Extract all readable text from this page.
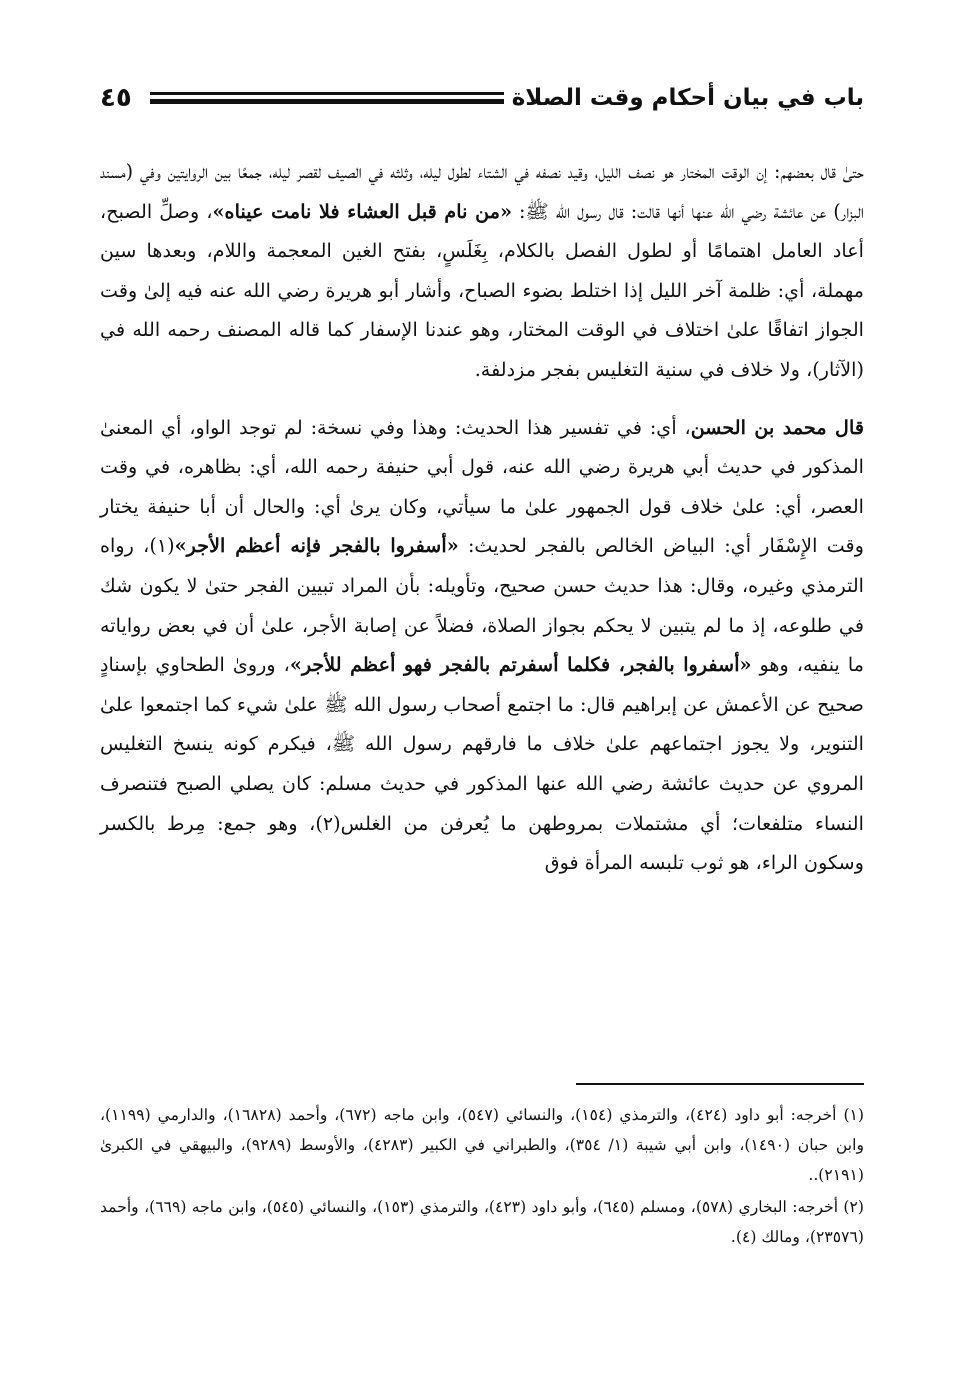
٤٥	باب في بيان أحكام وقت الصلاة

حتىٰ قال بعضهم: إن الوقت المختار هو نصف الليل، وقيد نصفه في الشتاء لطول ليله، وثلثه في الصيف لقصر ليله، جمعًا بين الروايتين وفي (مسند البزار) عن عائشة رضي الله عنها أنها قالت: قال رسول الله ﷺ: «من نام قبل العشاء فلا نامت عيناه»، وصلِّ الصبح، أعاد العامل اهتمامًا أو لطول الفصل بالكلام، بِغَلَسٍ، بفتح الغين المعجمة واللام، وبعدها سين مهملة، أي: ظلمة آخر الليل إذا اختلط بضوء الصباح، وأشار أبو هريرة رضي الله عنه فيه إلىٰ وقت الجواز اتفاقًا علىٰ اختلاف في الوقت المختار، وهو عندنا الإسفار كما قاله المصنف رحمه الله في (الآثار)، ولا خلاف في سنية التغليس بفجر مزدلفة.

قال محمد بن الحسن، أي: في تفسير هذا الحديث: وهذا وفي نسخة: لم توجد الواو، أي المعنىٰ المذكور في حديث أبي هريرة رضي الله عنه، قول أبي حنيفة رحمه الله، أي: بظاهره، في وقت العصر، أي: علىٰ خلاف قول الجمهور علىٰ ما سيأتي، وكان يرىٰ أي: والحال أن أبا حنيفة يختار وقت الإِسْفَار أي: البياض الخالص بالفجر لحديث: «أسفروا بالفجر فإنه أعظم الأجر»(١)، رواه الترمذي وغيره، وقال: هذا حديث حسن صحيح، وتأويله: بأن المراد تبيين الفجر حتىٰ لا يكون شك في طلوعه، إذ ما لم يتبين لا يحكم بجواز الصلاة، فضلاً عن إصابة الأجر، علىٰ أن في بعض رواياته ما ينفيه، وهو «أسفروا بالفجر، فكلما أسفرتم بالفجر فهو أعظم للأجر»، وروىٰ الطحاوي بإسنادٍ صحيح عن الأعمش عن إبراهيم قال: ما اجتمع أصحاب رسول الله ﷺ علىٰ شيء كما اجتمعوا علىٰ التنوير، ولا يجوز اجتماعهم علىٰ خلاف ما فارقهم رسول الله ﷺ، فيكرم كونه ينسخ التغليس المروي عن حديث عائشة رضي الله عنها المذكور في حديث مسلم: كان يصلي الصبح فتنصرف النساء متلفعات؛ أي مشتملات بمروطهن ما يُعرفن من الغلس(٢)، وهو جمع: مِرط بالكسر وسكون الراء، هو ثوب تلبسه المرأة فوق

(١) أخرجه: أبو داود (٤٢٤)، والترمذي (١٥٤)، والنسائي (٥٤٧)، وابن ماجه (٦٧٢)، وأحمد (١٦٨٢٨)، والدارمي (١١٩٩)، وابن حبان (١٤٩٠)، وابن أبي شيبة (١/ ٣٥٤)، والطبراني في الكبير (٤٢٨٣)، والأوسط (٩٢٨٩)، والبيهقي في الكبرىٰ (٢١٩١)..

(٢) أخرجه: البخاري (٥٧٨)، ومسلم (٦٤٥)، وأبو داود (٤٢٣)، والترمذي (١٥٣)، والنسائي (٥٤٥)، وابن ماجه (٦٦٩)، وأحمد (٢٣٥٧٦)، ومالك (٤).
